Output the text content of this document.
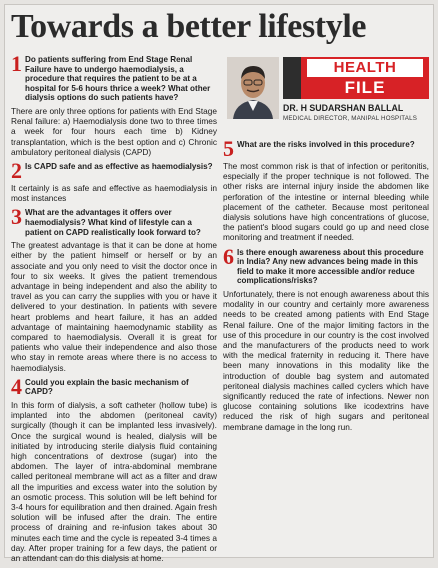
Towards a better lifestyle
1 Do patients suffering from End Stage Renal Failure have to undergo haemodialysis, a procedure that requires the patient to be at a hospital for 5-6 hours thrice a week? What other dialysis options do such patients have?

There are only three options for patients with End Stage Renal failure: a) Haemodialysis done two to three times a week for four hours each time b) Kidney transplantation, which is the best option and c) Chronic ambulatory peritoneal dialysis (CAPD)

2 Is CAPD safe and as effective as haemodialysis?

It certainly is as safe and effective as haemodialysis in most instances

3 What are the advantages it offers over haemodialysis? What kind of lifestyle can a patient on CAPD realistically look forward to?

The greatest advantage is that it can be done at home either by the patient himself or herself or by an associate and you only need to visit the doctor once in four to six weeks. It gives the patient tremendous advantage in being independent and also the ability to travel as you can carry the supplies with you or have it delivered to your destination. In patients with severe heart problems and heart failure, it has an added advantage of maintaining haemodynamic stability as compared to haemodialysis. Overall it is great for patients who value their independence and also those who stay in remote areas where there is no access to haemodialysis.

4 Could you explain the basic mechanism of CAPD?

In this form of dialysis, a soft catheter (hollow tube) is implanted into the abdomen (peritoneal cavity) surgically (though it can be implanted less invasively). Once the surgical wound is healed, dialysis will be initiated by introducing sterile dialysis fluid containing high concentrations of dextrose (sugar) into the abdomen. The layer of intra-abdominal membrane called peritoneal membrane will act as a filter and draw all the impurities and excess water into the solution by an osmotic process. This solution will be left behind for 3-4 hours for equilibration and then drained. Again fresh solution will be infused after the drain. The entire process of draining and re-infusion takes about 30 minutes each time and the cycle is repeated 3-4 times a day. After proper training for a few days, the patient or an attendant can do this dialysis at home.

HEALTH
FILE
DR. H SUDARSHAN BALLAL
MEDICAL DIRECTOR, MANIPAL HOSPITALS
5 What are the risks involved in this procedure?

The most common risk is that of infection or peritonitis, especially if the proper technique is not followed. The other risks are internal injury inside the abdomen like perforation of the intestine or internal bleeding while placement of the catheter. Because most peritoneal dialysis solutions have high concentrations of glucose, the patient's blood sugars could go up and need close monitoring and treatment if needed.

6 Is there enough awareness about this procedure in India? Any new advances being made in this field to make it more accessible and/or reduce complications/risks?

Unfortunately, there is not enough awareness about this modality in our country and certainly more awareness needs to be created among patients with End Stage Renal failure. One of the major limiting factors in the use of this procedure in our country is the cost involved and the manufacturers of the products need to work with the medical fraternity in reducing it. There have been many innovations in this modality like the introduction of double bag system and automated peritoneal dialysis machines called cyclers which have significantly reduced the rate of infections. Newer non glucose containing solutions like icodextrins have reduced the risk of high sugars and peritoneal membrane damage in the long run.
